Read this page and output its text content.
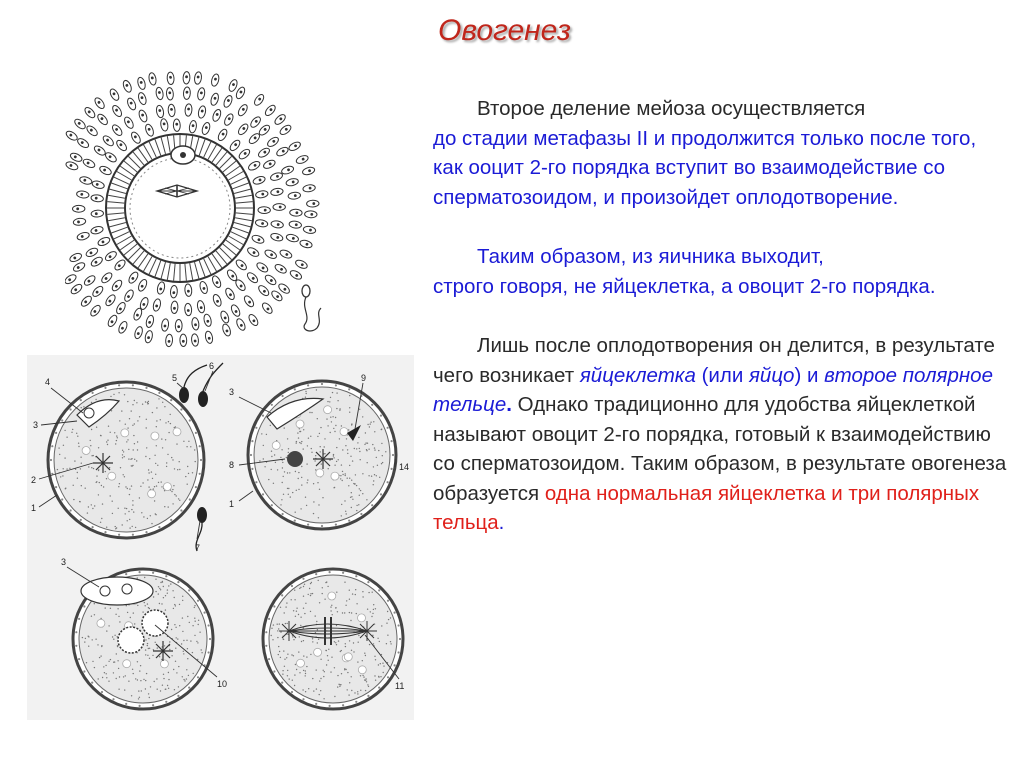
Овогенез
4
3
2
1
5
6
7
3
8
1
9
14
3
10	11

Второе деление мейоза осуществляется
до стадии метафазы II и продолжится только после того, как ооцит 2-го порядка вступит во взаимодействие со сперматозоидом, и произойдет оплодотворение.

Таким образом, из яичника выходит,
строго говоря, не яйцеклетка, а овоцит 2-го порядка.

Лишь после оплодотворения он делится, в результате чего возникает яйцеклетка (или яйцо) и второе полярное тельце. Однако традиционно для удобства яйцеклеткой называют овоцит 2-го порядка, готовый к взаимодействию со сперматозоидом. Таким образом, в результате овогенеза образуется одна нормальная яйцеклетка и три полярных тельца.
